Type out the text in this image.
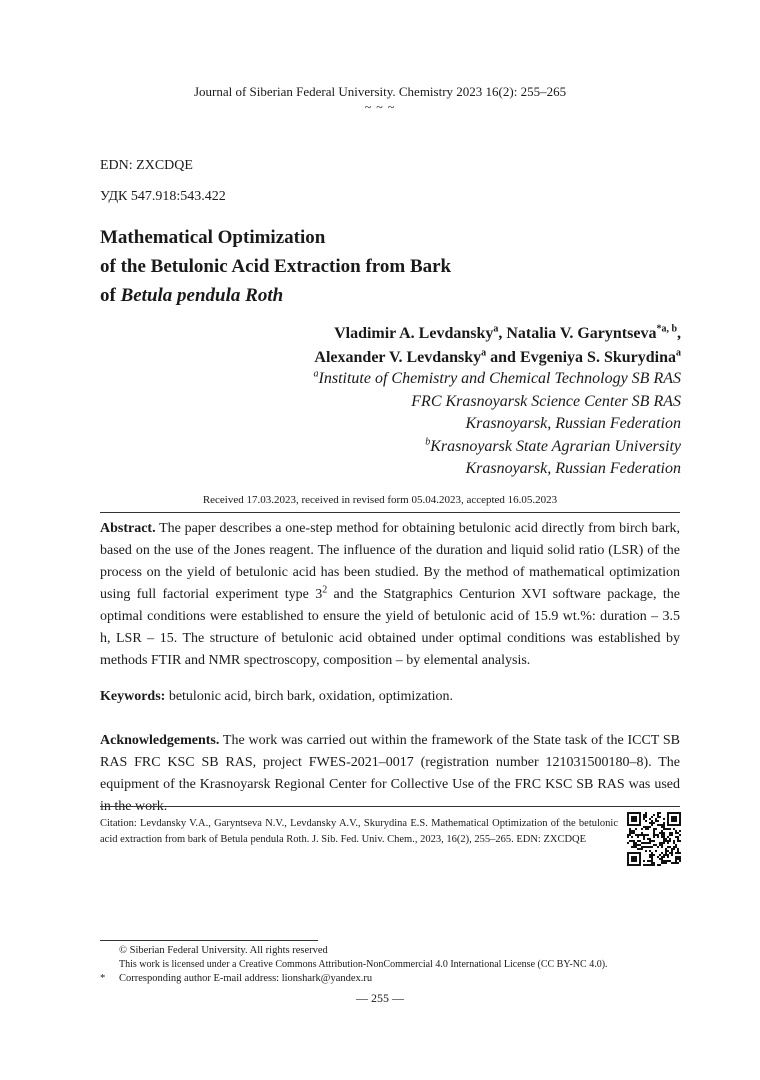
Journal of Siberian Federal University. Chemistry 2023 16(2): 255–265
~ ~ ~
EDN: ZXCDQE
УДК 547.918:543.422
Mathematical Optimization
of the Betulonic Acid Extraction from Bark
of Betula pendula Roth
Vladimir A. Levdansky$^a$, Natalia V. Garyntseva$^{*a, b}$,
Alexander V. Levdansky$^a$ and Evgeniya S. Skurydina$^a$
$^a$Institute of Chemistry and Chemical Technology SB RAS
FRC Krasnoyarsk Science Center SB RAS
Krasnoyarsk, Russian Federation
$^b$Krasnoyarsk State Agrarian University
Krasnoyarsk, Russian Federation
Received 17.03.2023, received in revised form 05.04.2023, accepted 16.05.2023
Abstract. The paper describes a one-step method for obtaining betulonic acid directly from birch bark, based on the use of the Jones reagent. The influence of the duration and liquid solid ratio (LSR) of the process on the yield of betulonic acid has been studied. By the method of mathematical optimization using full factorial experiment type $3^2$ and the Statgraphics Centurion XVI software package, the optimal conditions were established to ensure the yield of betulonic acid of 15.9 wt.%: duration – 3.5 h, LSR – 15. The structure of betulonic acid obtained under optimal conditions was established by methods FTIR and NMR spectroscopy, composition – by elemental analysis.
Keywords: betulonic acid, birch bark, oxidation, optimization.
Acknowledgements. The work was carried out within the framework of the State task of the ICCT SB RAS FRC KSC SB RAS, project FWES-2021–0017 (registration number 121031500180–8). The equipment of the Krasnoyarsk Regional Center for Collective Use of the FRC KSC SB RAS was used in the work.
Citation: Levdansky V.A., Garyntseva N.V., Levdansky A.V., Skurydina E.S. Mathematical Optimization of the betulonic acid extraction from bark of Betula pendula Roth. J. Sib. Fed. Univ. Chem., 2023, 16(2), 255–265. EDN: ZXCDQE
© Siberian Federal University. All rights reserved
This work is licensed under a Creative Commons Attribution-NonCommercial 4.0 International License (CC BY-NC 4.0).
* Corresponding author E-mail address: lionshark@yandex.ru
— 255 —
